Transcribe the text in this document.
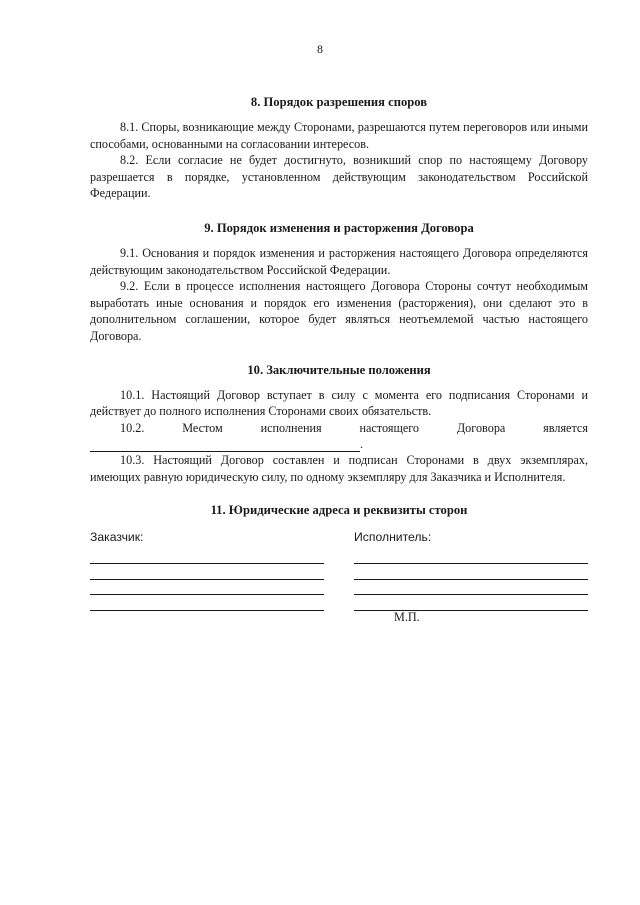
8
8. Порядок разрешения споров

8.1. Споры, возникающие между Сторонами, разрешаются путем переговоров или иными способами, основанными на согласовании интересов.

8.2. Если согласие не будет достигнуто, возникший спор по настоящему Договору разрешается в порядке, установленном действующим законодательством Российской Федерации.

9. Порядок изменения и расторжения Договора

9.1. Основания и порядок изменения и расторжения настоящего Договора определяются действующим законодательством Российской Федерации.

9.2. Если в процессе исполнения настоящего Договора Стороны сочтут необходимым выработать иные основания и порядок его изменения (расторжения), они сделают это в дополнительном соглашении, которое будет являться неотъемлемой частью настоящего Договора.

10. Заключительные положения

10.1. Настоящий Договор вступает в силу с момента его подписания Сторонами и действует до полного исполнения Сторонами своих обязательств.

10.2.	Местом	исполнения	настоящего	Договора	является
.

10.3. Настоящий Договор составлен и подписан Сторонами в двух экземплярах, имеющих равную юридическую силу, по одному экземпляру для Заказчика и Исполнителя.

11. Юридические адреса и реквизиты сторон
Заказчик:	Исполнитель:
М.П.
